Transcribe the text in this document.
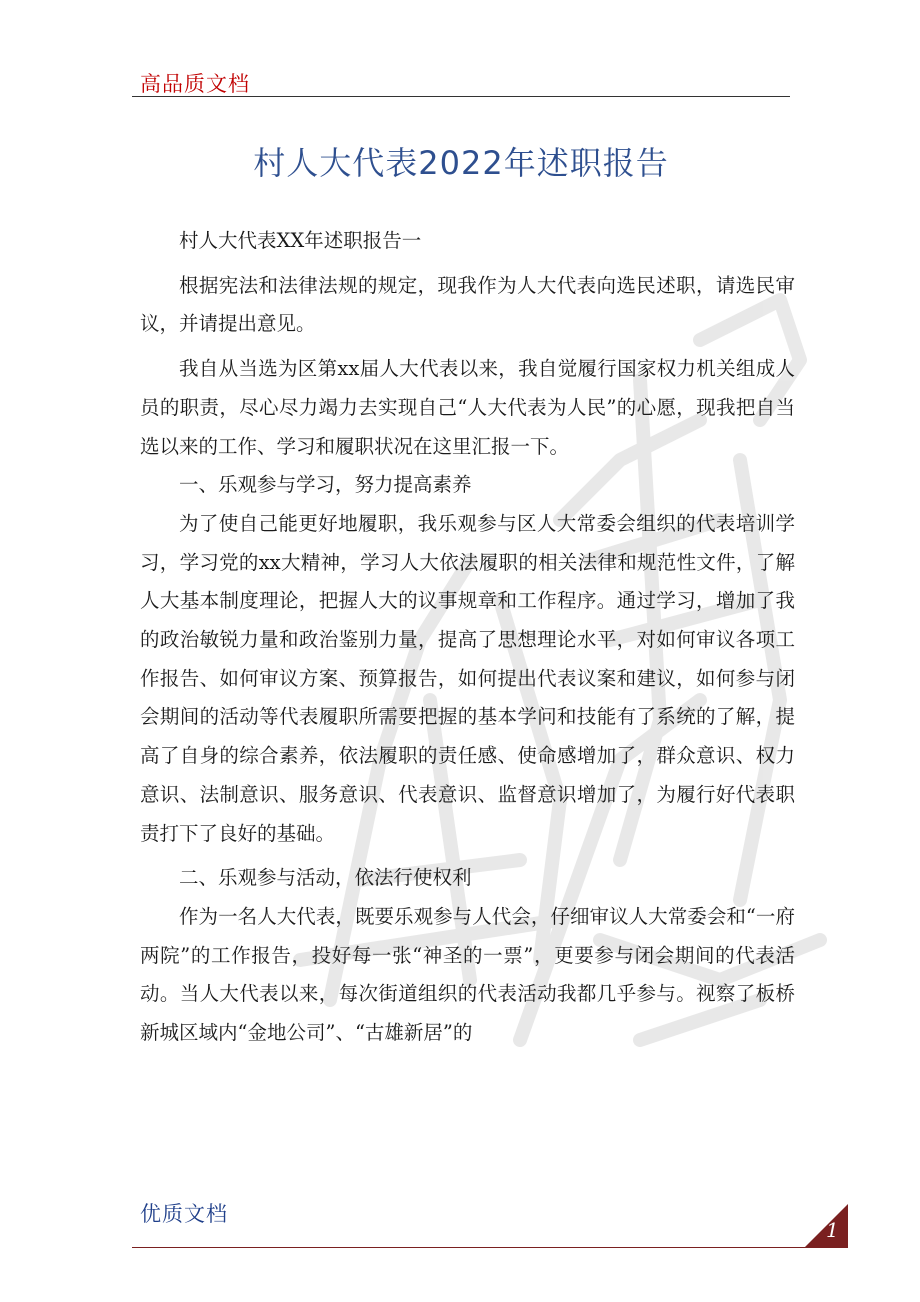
高品质文档
村人大代表2022年述职报告

村人大代表XX年述职报告一

根据宪法和法律法规的规定，现我作为人大代表向选民述职，请选民审议，并请提出意见。

我自从当选为区第xx届人大代表以来，我自觉履行国家权力机关组成人员的职责，尽心尽力竭力去实现自己“人大代表为人民”的心愿，现我把自当选以来的工作、学习和履职状况在这里汇报一下。

一、乐观参与学习，努力提高素养

为了使自己能更好地履职，我乐观参与区人大常委会组织的代表培训学习，学习党的xx大精神，学习人大依法履职的相关法律和规范性文件，了解人大基本制度理论，把握人大的议事规章和工作程序。通过学习，增加了我的政治敏锐力量和政治鉴别力量，提高了思想理论水平，对如何审议各项工作报告、如何审议方案、预算报告，如何提出代表议案和建议，如何参与闭会期间的活动等代表履职所需要把握的基本学问和技能有了系统的了解，提高了自身的综合素养，依法履职的责任感、使命感增加了，群众意识、权力意识、法制意识、服务意识、代表意识、监督意识增加了，为履行好代表职责打下了良好的基础。

二、乐观参与活动，依法行使权利

作为一名人大代表，既要乐观参与人代会，仔细审议人大常委会和“一府两院”的工作报告，投好每一张“神圣的一票”，更要参与闭会期间的代表活动。当人大代表以来，每次街道组织的代表活动我都几乎参与。视察了板桥新城区域内“金地公司”、“古雄新居”的

优质文档
1
